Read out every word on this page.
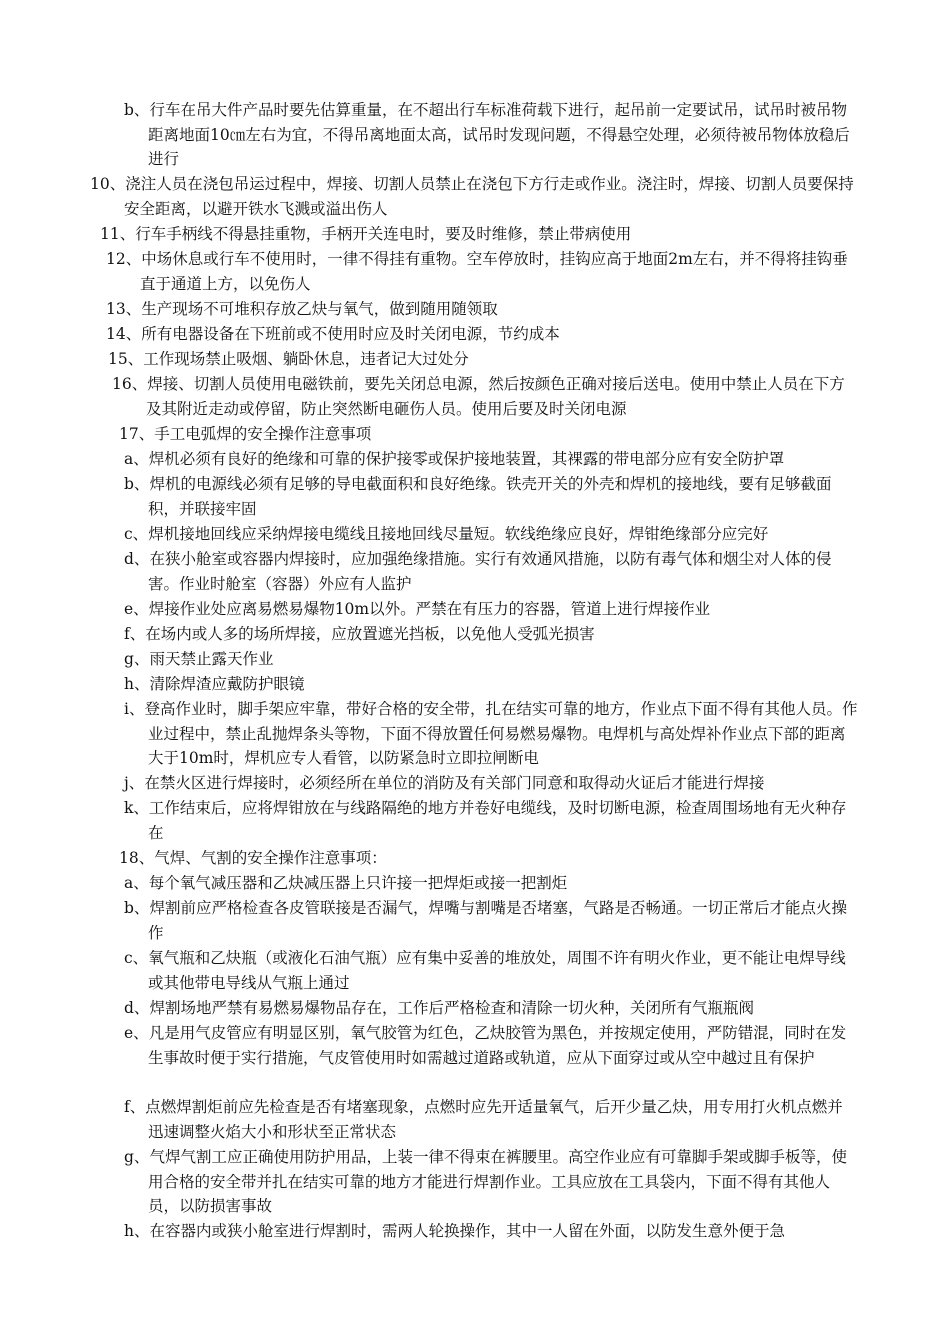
b、行车在吊大件产品时要先估算重量，在不超出行车标准荷载下进行，起吊前一定要试吊，试吊时被吊物距离地面10㎝左右为宜，不得吊离地面太高，试吊时发现问题，不得悬空处理，必须待被吊物体放稳后进行

10、浇注人员在浇包吊运过程中，焊接、切割人员禁止在浇包下方行走或作业。浇注时，焊接、切割人员要保持安全距离，以避开铁水飞溅或溢出伤人

11、行车手柄线不得悬挂重物，手柄开关连电时，要及时维修，禁止带病使用

12、中场休息或行车不使用时，一律不得挂有重物。空车停放时，挂钩应高于地面2m左右，并不得将挂钩垂直于通道上方，以免伤人

13、生产现场不可堆积存放乙炔与氧气，做到随用随领取

14、所有电器设备在下班前或不使用时应及时关闭电源，节约成本

15、工作现场禁止吸烟、躺卧休息，违者记大过处分

16、焊接、切割人员使用电磁铁前，要先关闭总电源，然后按颜色正确对接后送电。使用中禁止人员在下方及其附近走动或停留，防止突然断电砸伤人员。使用后要及时关闭电源

17、手工电弧焊的安全操作注意事项

a、焊机必须有良好的绝缘和可靠的保护接零或保护接地装置，其裸露的带电部分应有安全防护罩

b、焊机的电源线必须有足够的导电截面积和良好绝缘。铁壳开关的外壳和焊机的接地线，要有足够截面积，并联接牢固

c、焊机接地回线应采纳焊接电缆线且接地回线尽量短。软线绝缘应良好，焊钳绝缘部分应完好

d、在狭小舱室或容器内焊接时，应加强绝缘措施。实行有效通风措施，以防有毒气体和烟尘对人体的侵害。作业时舱室（容器）外应有人监护

e、焊接作业处应离易燃易爆物10m以外。严禁在有压力的容器，管道上进行焊接作业

f、在场内或人多的场所焊接，应放置遮光挡板，以免他人受弧光损害

g、雨天禁止露天作业

h、清除焊渣应戴防护眼镜

i、登高作业时，脚手架应牢靠，带好合格的安全带，扎在结实可靠的地方，作业点下面不得有其他人员。作业过程中，禁止乱抛焊条头等物，下面不得放置任何易燃易爆物。电焊机与高处焊补作业点下部的距离大于10m时，焊机应专人看管，以防紧急时立即拉闸断电

j、在禁火区进行焊接时，必须经所在单位的消防及有关部门同意和取得动火证后才能进行焊接

k、工作结束后，应将焊钳放在与线路隔绝的地方并卷好电缆线，及时切断电源，检查周围场地有无火种存在

18、气焊、气割的安全操作注意事项：

a、每个氧气减压器和乙炔减压器上只许接一把焊炬或接一把割炬

b、焊割前应严格检查各皮管联接是否漏气，焊嘴与割嘴是否堵塞，气路是否畅通。一切正常后才能点火操作

c、氧气瓶和乙炔瓶（或液化石油气瓶）应有集中妥善的堆放处，周围不许有明火作业，更不能让电焊导线或其他带电导线从气瓶上通过

d、焊割场地严禁有易燃易爆物品存在，工作后严格检查和清除一切火种，关闭所有气瓶瓶阀

e、凡是用气皮管应有明显区别，氧气胶管为红色，乙炔胶管为黑色，并按规定使用，严防错混，同时在发生事故时便于实行措施，气皮管使用时如需越过道路或轨道，应从下面穿过或从空中越过且有保护

f、点燃焊割炬前应先检查是否有堵塞现象，点燃时应先开适量氧气，后开少量乙炔，用专用打火机点燃并迅速调整火焰大小和形状至正常状态

g、气焊气割工应正确使用防护用品，上装一律不得束在裤腰里。高空作业应有可靠脚手架或脚手板等，使用合格的安全带并扎在结实可靠的地方才能进行焊割作业。工具应放在工具袋内，下面不得有其他人员，以防损害事故

h、在容器内或狭小舱室进行焊割时，需两人轮换操作，其中一人留在外面，以防发生意外便于急
